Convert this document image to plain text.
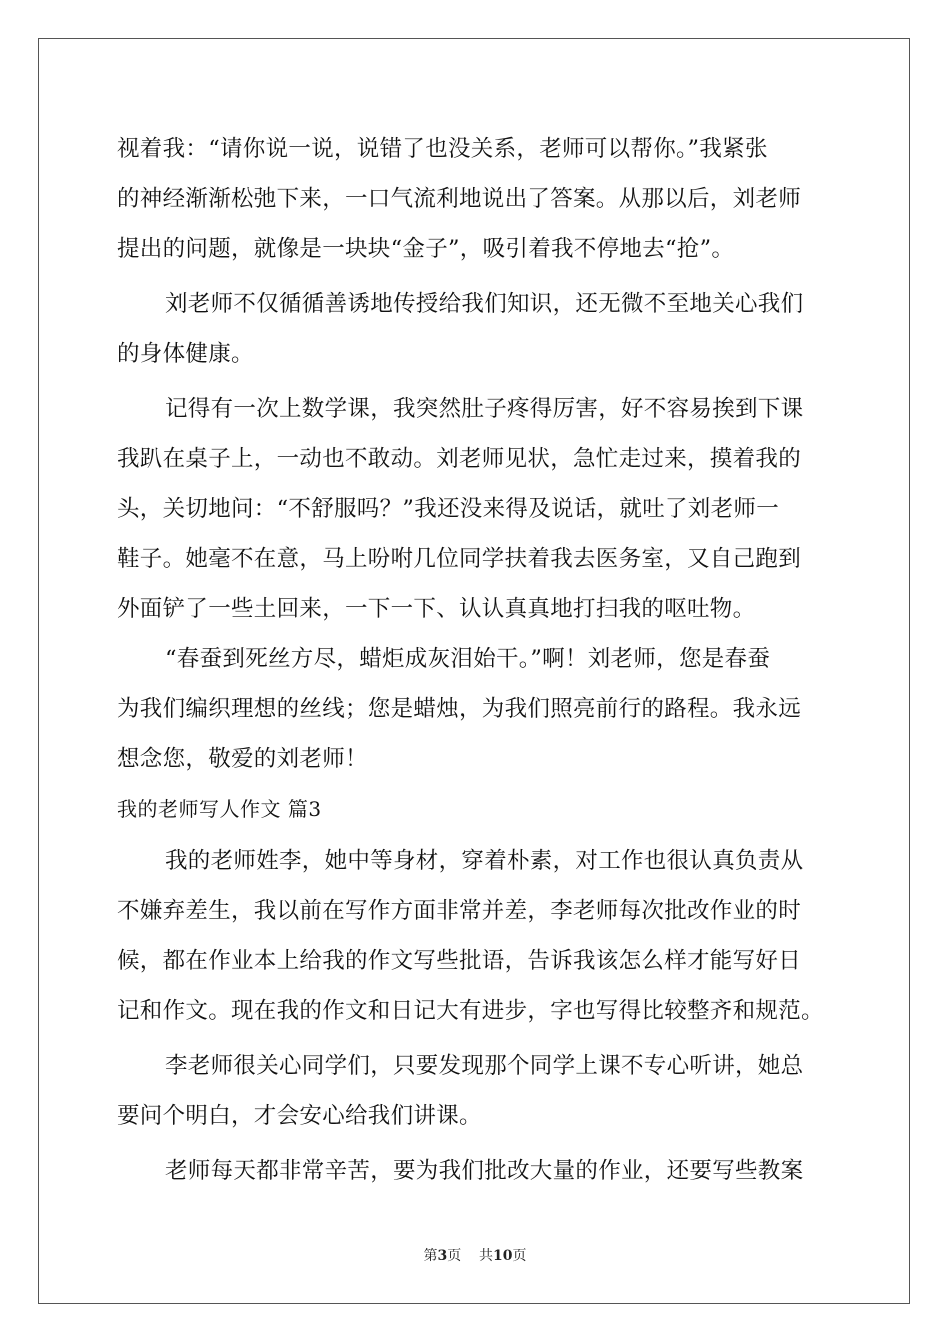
视着我：“请你说一说，说错了也没关系，老师可以帮你。”我紧张
的神经渐渐松弛下来，一口气流利地说出了答案。从那以后，刘老师
提出的问题，就像是一块块“金子”，吸引着我不停地去“抢”。
刘老师不仅循循善诱地传授给我们知识，还无微不至地关心我们
的身体健康。
记得有一次上数学课，我突然肚子疼得厉害，好不容易挨到下课
我趴在桌子上，一动也不敢动。刘老师见状，急忙走过来，摸着我的
头，关切地问：“不舒服吗？”我还没来得及说话，就吐了刘老师一
鞋子。她毫不在意，马上吩咐几位同学扶着我去医务室，又自己跑到
外面铲了一些土回来，一下一下、认认真真地打扫我的呕吐物。
“春蚕到死丝方尽，蜡炬成灰泪始干。”啊！刘老师，您是春蚕
为我们编织理想的丝线；您是蜡烛，为我们照亮前行的路程。我永远
想念您，敬爱的刘老师！
我的老师写人作文 篇3
我的老师姓李，她中等身材，穿着朴素，对工作也很认真负责从
不嫌弃差生，我以前在写作方面非常并差，李老师每次批改作业的时
候，都在作业本上给我的作文写些批语，告诉我该怎么样才能写好日
记和作文。现在我的作文和日记大有进步，字也写得比较整齐和规范。
李老师很关心同学们，只要发现那个同学上课不专心听讲，她总
要问个明白，才会安心给我们讲课。
老师每天都非常辛苦，要为我们批改大量的作业，还要写些教案
第3页 共10页
